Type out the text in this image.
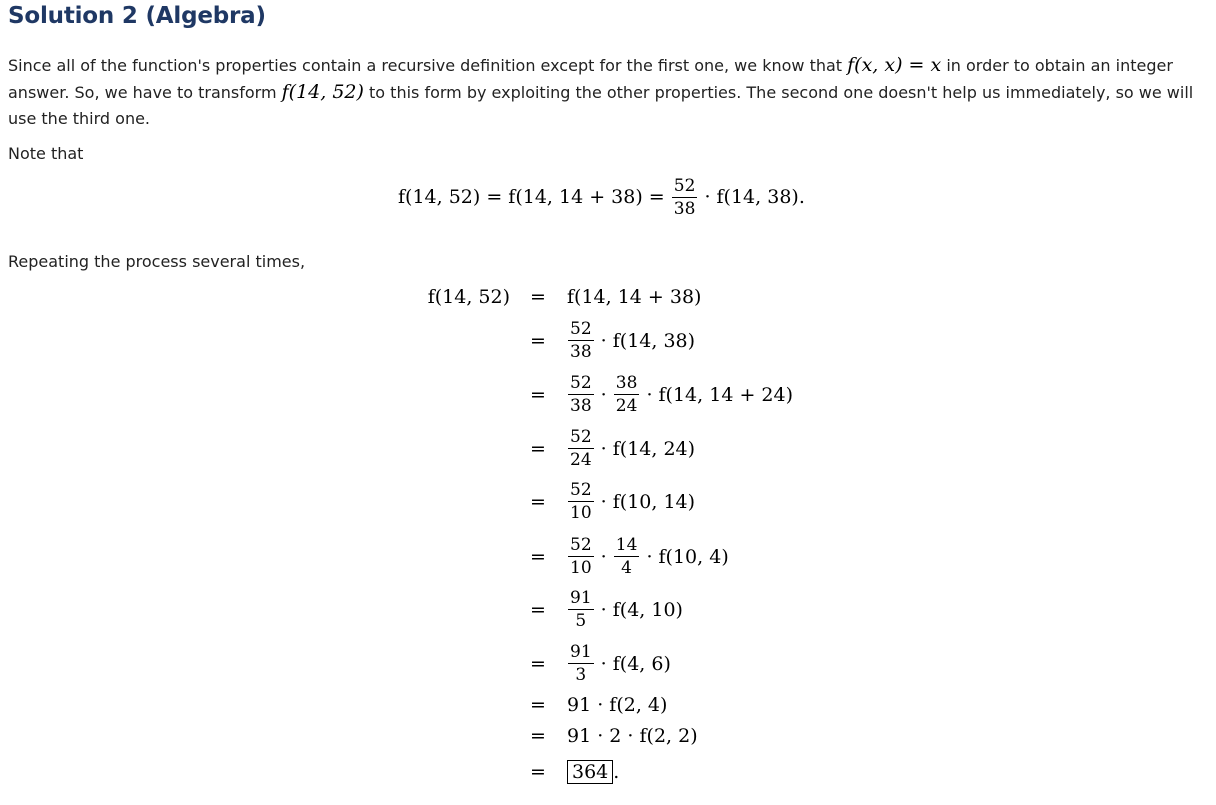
Solution 2 (Algebra)

Since all of the function's properties contain a recursive definition except for the first one, we know that f(x, x) = x in order to obtain an integer answer. So, we have to transform f(14, 52) to this form by exploiting the other properties. The second one doesn't help us immediately, so we will use the third one.

Note that

f(14, 52) = f(14, $14 + 38) = \frac{52}{38} \cdot f(14$, 38).

Repeating the process several times,

f(14, 52) = f(14, 14 + 38)
= $\frac{52}{38} \cdot f(14$, 38)
= $\frac{52}{38} \cdot \frac{38}{24} \cdot f(14$, 14 + 24)
= $\frac{52}{24} \cdot f(14$, 24)
= $\frac{52}{10} \cdot f(10$, 14)
= $\frac{52}{10} \cdot \frac{14}{4} \cdot f(10$, 4)
= $\frac{91}{5} \cdot f(4$, 10)
= $\frac{91}{3} \cdot f(4$, 6)
= 91 · f(2, 4)
= 91 · 2 · f(2, 2)
= 364 .
